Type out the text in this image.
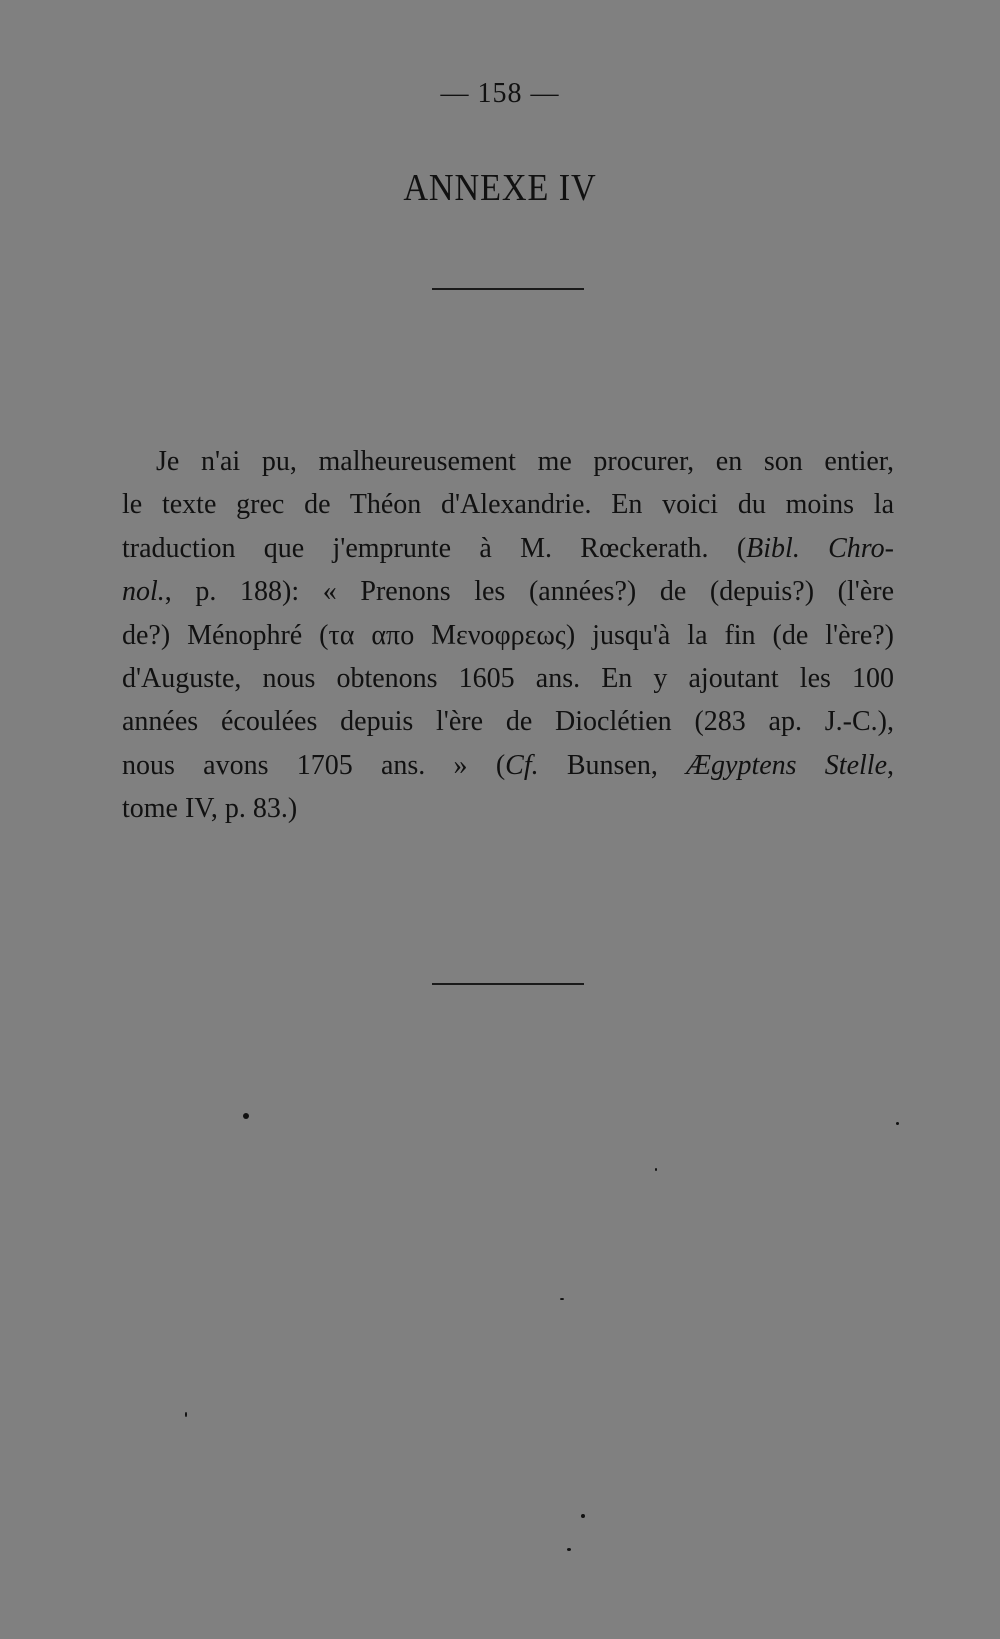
— 158 —
ANNEXE IV

Je n'ai pu, malheureusement me procurer, en son entier,
le texte grec de Théon d'Alexandrie. En voici du moins la
traduction que j'emprunte à M. Rœckerath. (Bibl. Chro-
nol., p. 188): « Prenons les (années?) de (depuis?) (l'ère
de?) Ménophré (τα απο Μενοφρεως) jusqu'à la fin (de l'ère?)
d'Auguste, nous obtenons 1605 ans. En y ajoutant les 100
années écoulées depuis l'ère de Dioclétien (283 ap. J.-C.),
nous avons 1705 ans. » (Cf. Bunsen, Ægyptens Stelle,
tome IV, p. 83.)
